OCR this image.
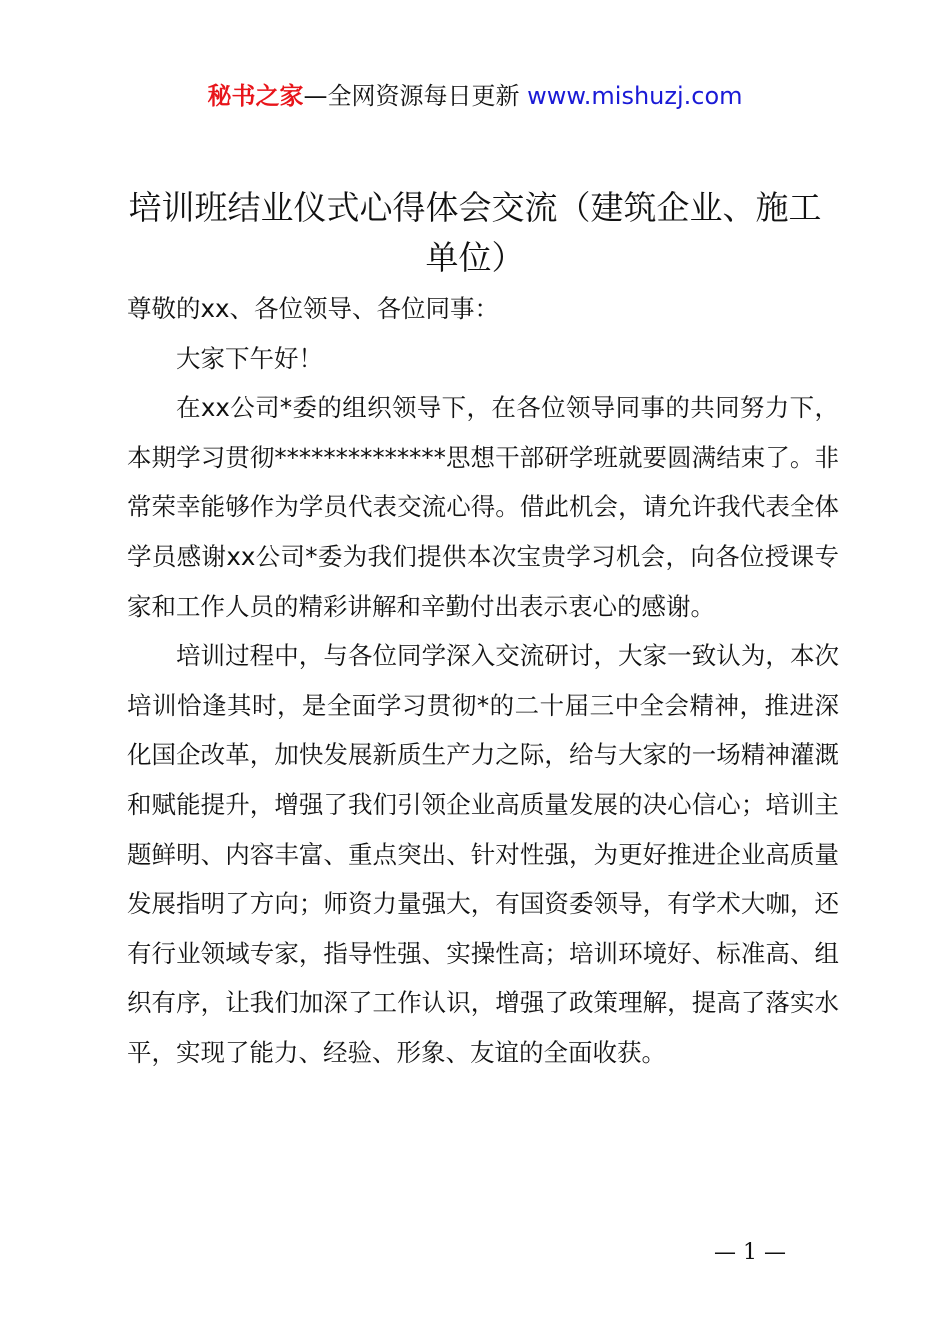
秘书之家—全网资源每日更新 www.mishuzj.com
培训班结业仪式心得体会交流（建筑企业、施工单位）

尊敬的xx、各位领导、各位同事：

大家下午好！

在xx公司*委的组织领导下，在各位领导同事的共同努力下，本期学习贯彻**************思想干部研学班就要圆满结束了。非常荣幸能够作为学员代表交流心得。借此机会，请允许我代表全体学员感谢xx公司*委为我们提供本次宝贵学习机会，向各位授课专家和工作人员的精彩讲解和辛勤付出表示衷心的感谢。

培训过程中，与各位同学深入交流研讨，大家一致认为，本次培训恰逢其时，是全面学习贯彻*的二十届三中全会精神，推进深化国企改革，加快发展新质生产力之际，给与大家的一场精神灌溉和赋能提升，增强了我们引领企业高质量发展的决心信心；培训主题鲜明、内容丰富、重点突出、针对性强，为更好推进企业高质量发展指明了方向；师资力量强大，有国资委领导，有学术大咖，还有行业领域专家，指导性强、实操性高；培训环境好、标准高、组织有序，让我们加深了工作认识，增强了政策理解，提高了落实水平，实现了能力、经验、形象、友谊的全面收获。

— 1 —
